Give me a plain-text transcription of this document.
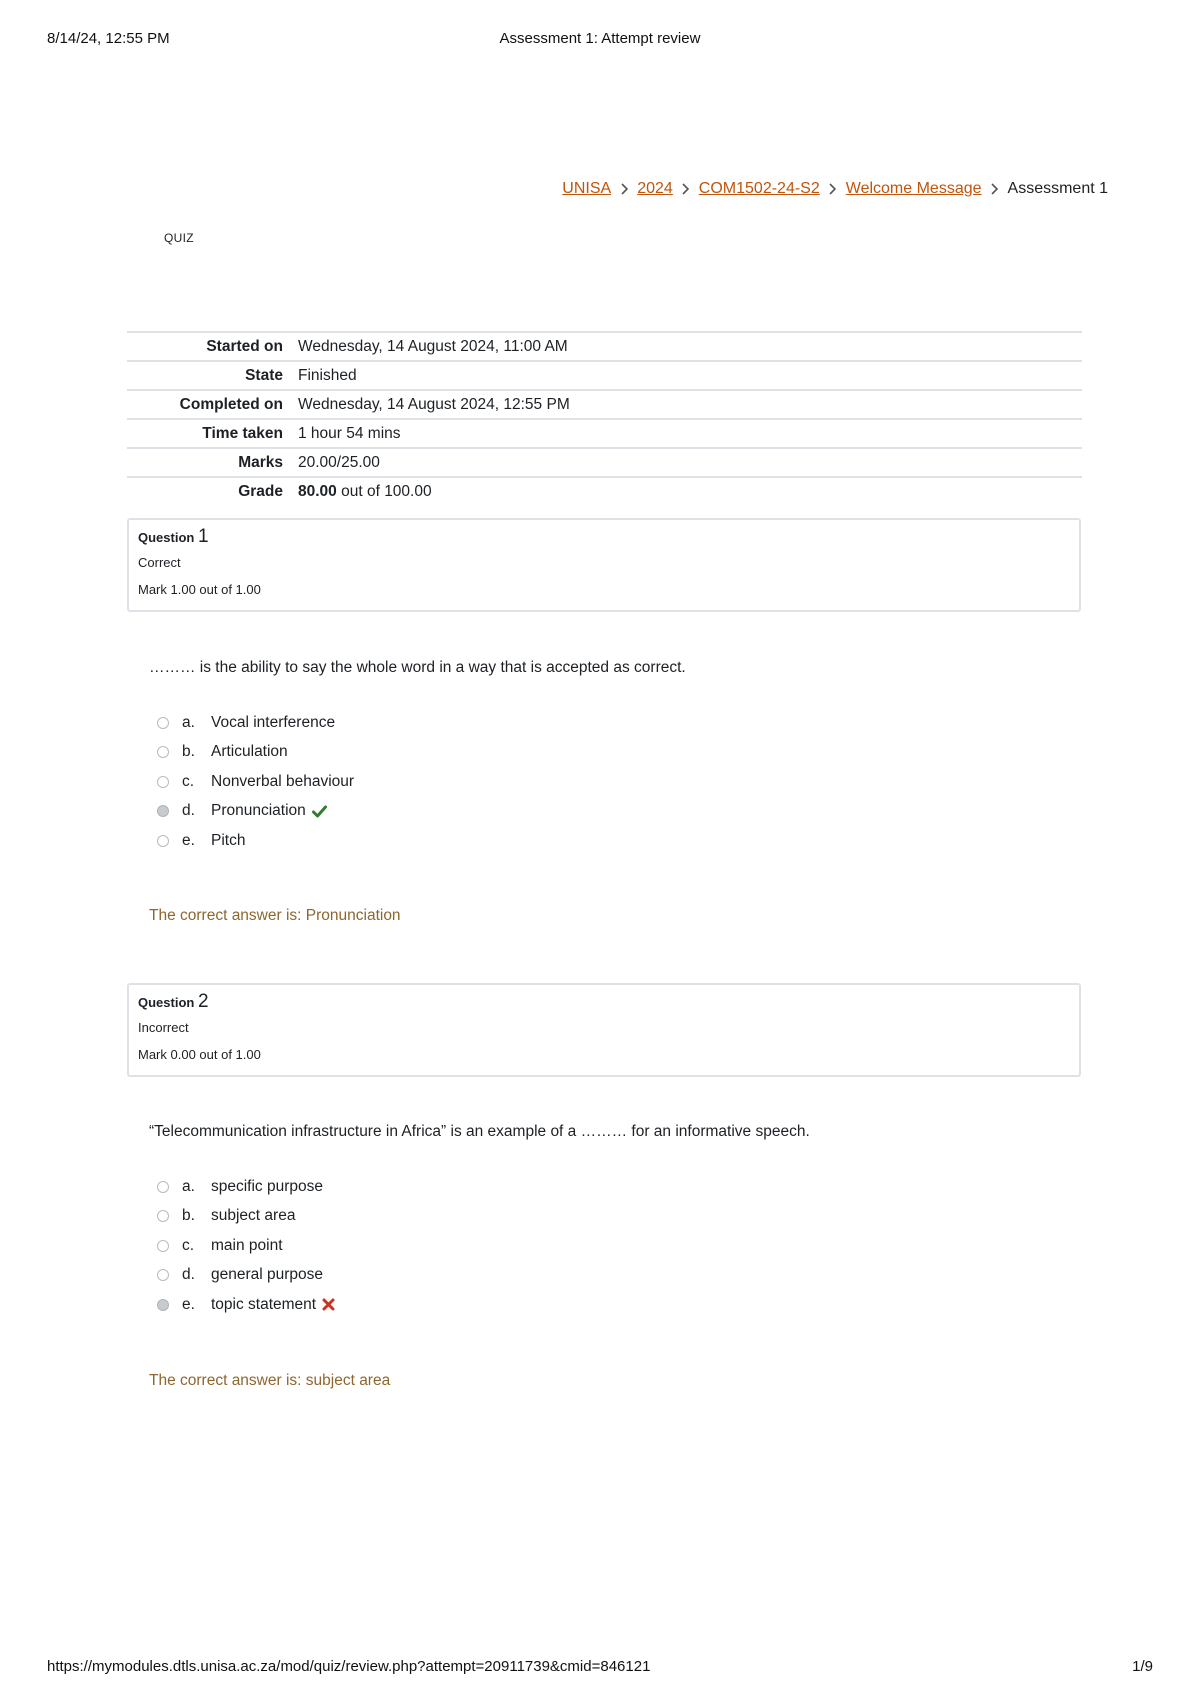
8/14/24, 12:55 PM	Assessment 1: Attempt review
UNISA 2024 COM1502-24-S2 Welcome Message Assessment 1
QUIZ
Started on	Wednesday, 14 August 2024, 11:00 AM
State	Finished
Completed on	Wednesday, 14 August 2024, 12:55 PM
Time taken	1 hour 54 mins
Marks	20.00/25.00
Grade	80.00 out of 100.00
Question 1
Correct
Mark 1.00 out of 1.00
……… is the ability to say the whole word in a way that is accepted as correct.
a.	Vocal interference
b.	Articulation
c.	Nonverbal behaviour
d.	Pronunciation
e.	Pitch
The correct answer is: Pronunciation
Question 2
Incorrect
Mark 0.00 out of 1.00
“Telecommunication infrastructure in Africa” is an example of a ……… for an informative speech.
a.	specific purpose
b.	subject area
c.	main point
d.	general purpose
e.	topic statement
The correct answer is: subject area
https://mymodules.dtls.unisa.ac.za/mod/quiz/review.php?attempt=20911739&cmid=846121	1/9
